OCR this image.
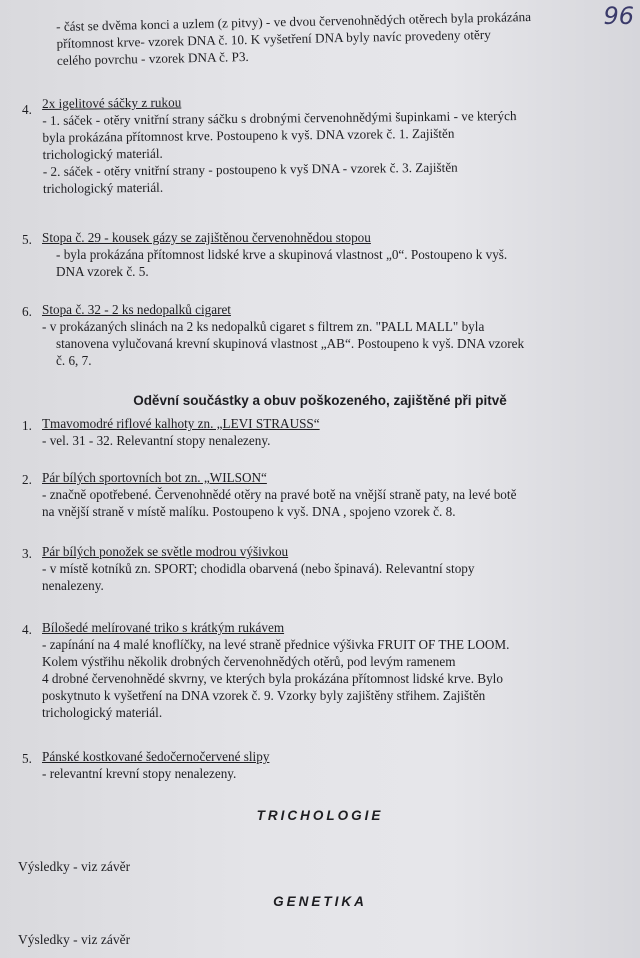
96
- část se dvěma konci a uzlem (z pitvy) - ve dvou červenohnědých otěrech byla prokázána
přítomnost krve- vzorek DNA č. 10. K vyšetření DNA byly navíc provedeny otěry
celého povrchu - vzorek DNA č. P3.
4. 2x igelitové sáčky z rukou
- 1. sáček - otěry vnitřní strany sáčku s drobnými červenohnědými šupinkami - ve kterých
byla prokázána přítomnost krve. Postoupeno k vyš. DNA vzorek č. 1. Zajištěn
trichologický materiál.
- 2. sáček - otěry vnitřní strany - postoupeno k vyš DNA - vzorek č. 3. Zajištěn
trichologický materiál.
5. Stopa č. 29 - kousek gázy se zajištěnou červenohnědou stopou
- byla prokázána přítomnost lidské krve a skupinová vlastnost „0“. Postoupeno k vyš.
DNA vzorek č. 5.
6. Stopa č. 32 - 2 ks nedopalků cigaret
- v prokázaných slinách na 2 ks nedopalků cigaret s filtrem zn. "PALL MALL" byla
stanovena vylučovaná krevní skupinová vlastnost „AB“. Postoupeno k vyš. DNA vzorek
č. 6, 7.
Oděvní součástky a obuv poškozeného, zajištěné při pitvě
1. Tmavomodré riflové kalhoty zn. „LEVI STRAUSS“
- vel. 31 - 32. Relevantní stopy nenalezeny.
2. Pár bílých sportovních bot zn. „WILSON“
- značně opotřebené. Červenohnědé otěry na pravé botě na vnější straně paty, na levé botě
na vnější straně v místě malíku. Postoupeno k vyš. DNA , spojeno vzorek č. 8.
3. Pár bílých ponožek se světle modrou výšivkou
- v místě kotníků zn. SPORT; chodidla obarvená (nebo špinavá). Relevantní stopy
nenalezeny.
4. Bílošedé melírované triko s krátkým rukávem
- zapínání na 4 malé knoflíčky, na levé straně přednice výšivka FRUIT OF THE LOOM.
Kolem výstřihu několik drobných červenohnědých otěrů, pod levým ramenem
4 drobné červenohnědé skvrny, ve kterých byla prokázána přítomnost lidské krve. Bylo
poskytnuto k vyšetření na DNA vzorek č. 9. Vzorky byly zajištěny střihem. Zajištěn
trichologický materiál.
5. Pánské kostkované šedočernočervené slipy
- relevantní krevní stopy nenalezeny.
TRICHOLOGIE
Výsledky - viz závěr
GENETIKA
Výsledky - viz závěr
